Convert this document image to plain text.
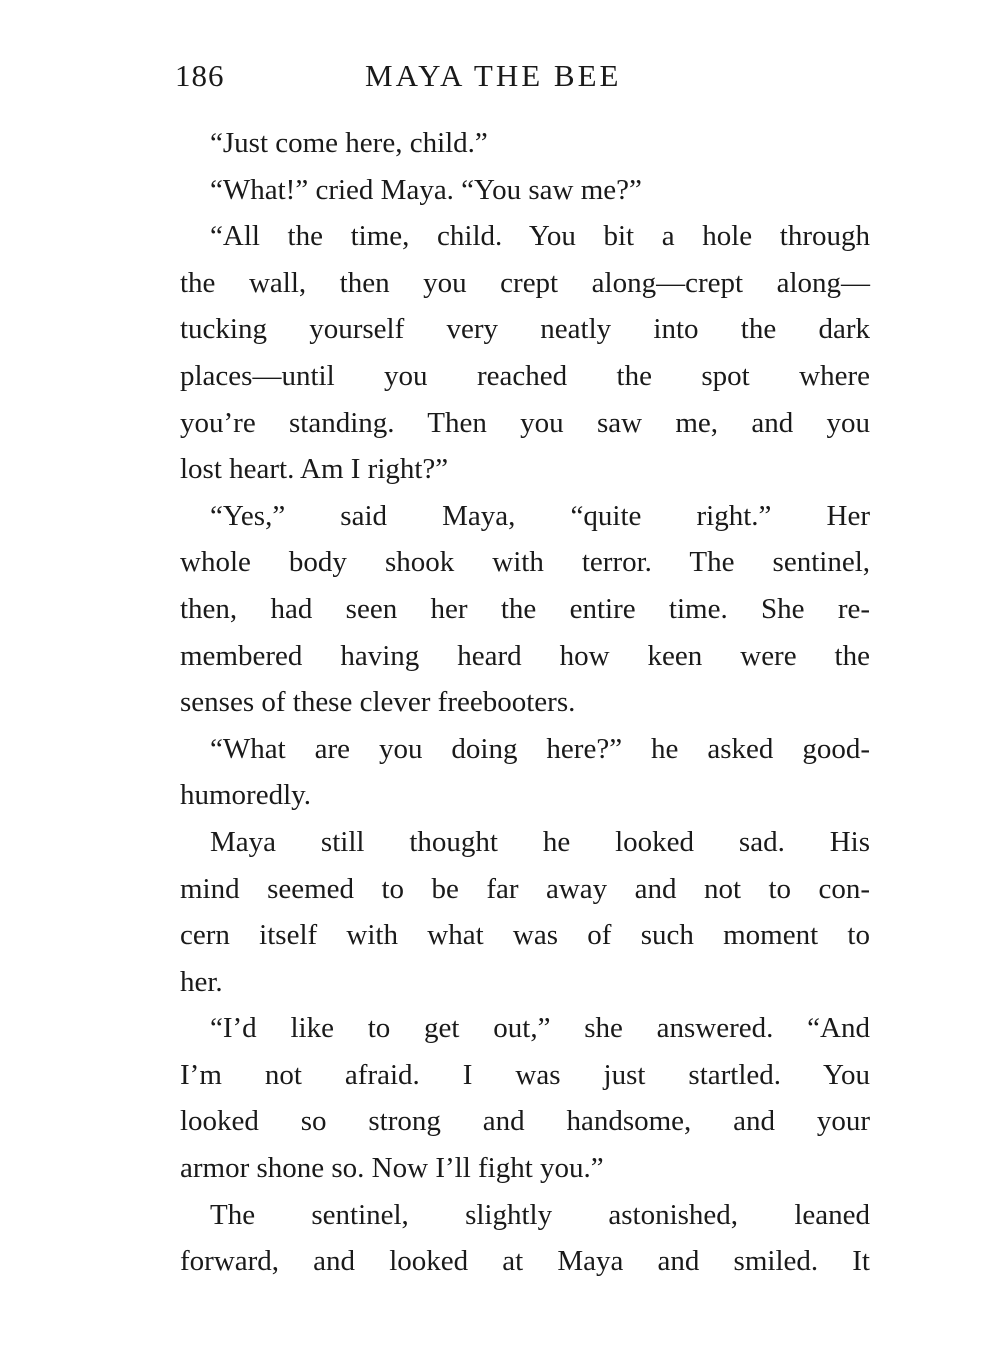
186	MAYA THE BEE
“Just come here, child.”
“What!” cried Maya. “You saw me?”
“All the time, child. You bit a hole through
the wall, then you crept along—crept along—
tucking yourself very neatly into the dark
places—until you reached the spot where
you’re standing. Then you saw me, and you
lost heart. Am I right?”
“Yes,” said Maya, “quite right.” Her
whole body shook with terror. The sentinel,
then, had seen her the entire time. She re-
membered having heard how keen were the
senses of these clever freebooters.
“What are you doing here?” he asked good-
humoredly.
Maya still thought he looked sad. His
mind seemed to be far away and not to con-
cern itself with what was of such moment to
her.
“I’d like to get out,” she answered. “And
I’m not afraid. I was just startled. You
looked so strong and handsome, and your
armor shone so. Now I’ll fight you.”
The sentinel, slightly astonished, leaned
forward, and looked at Maya and smiled. It
